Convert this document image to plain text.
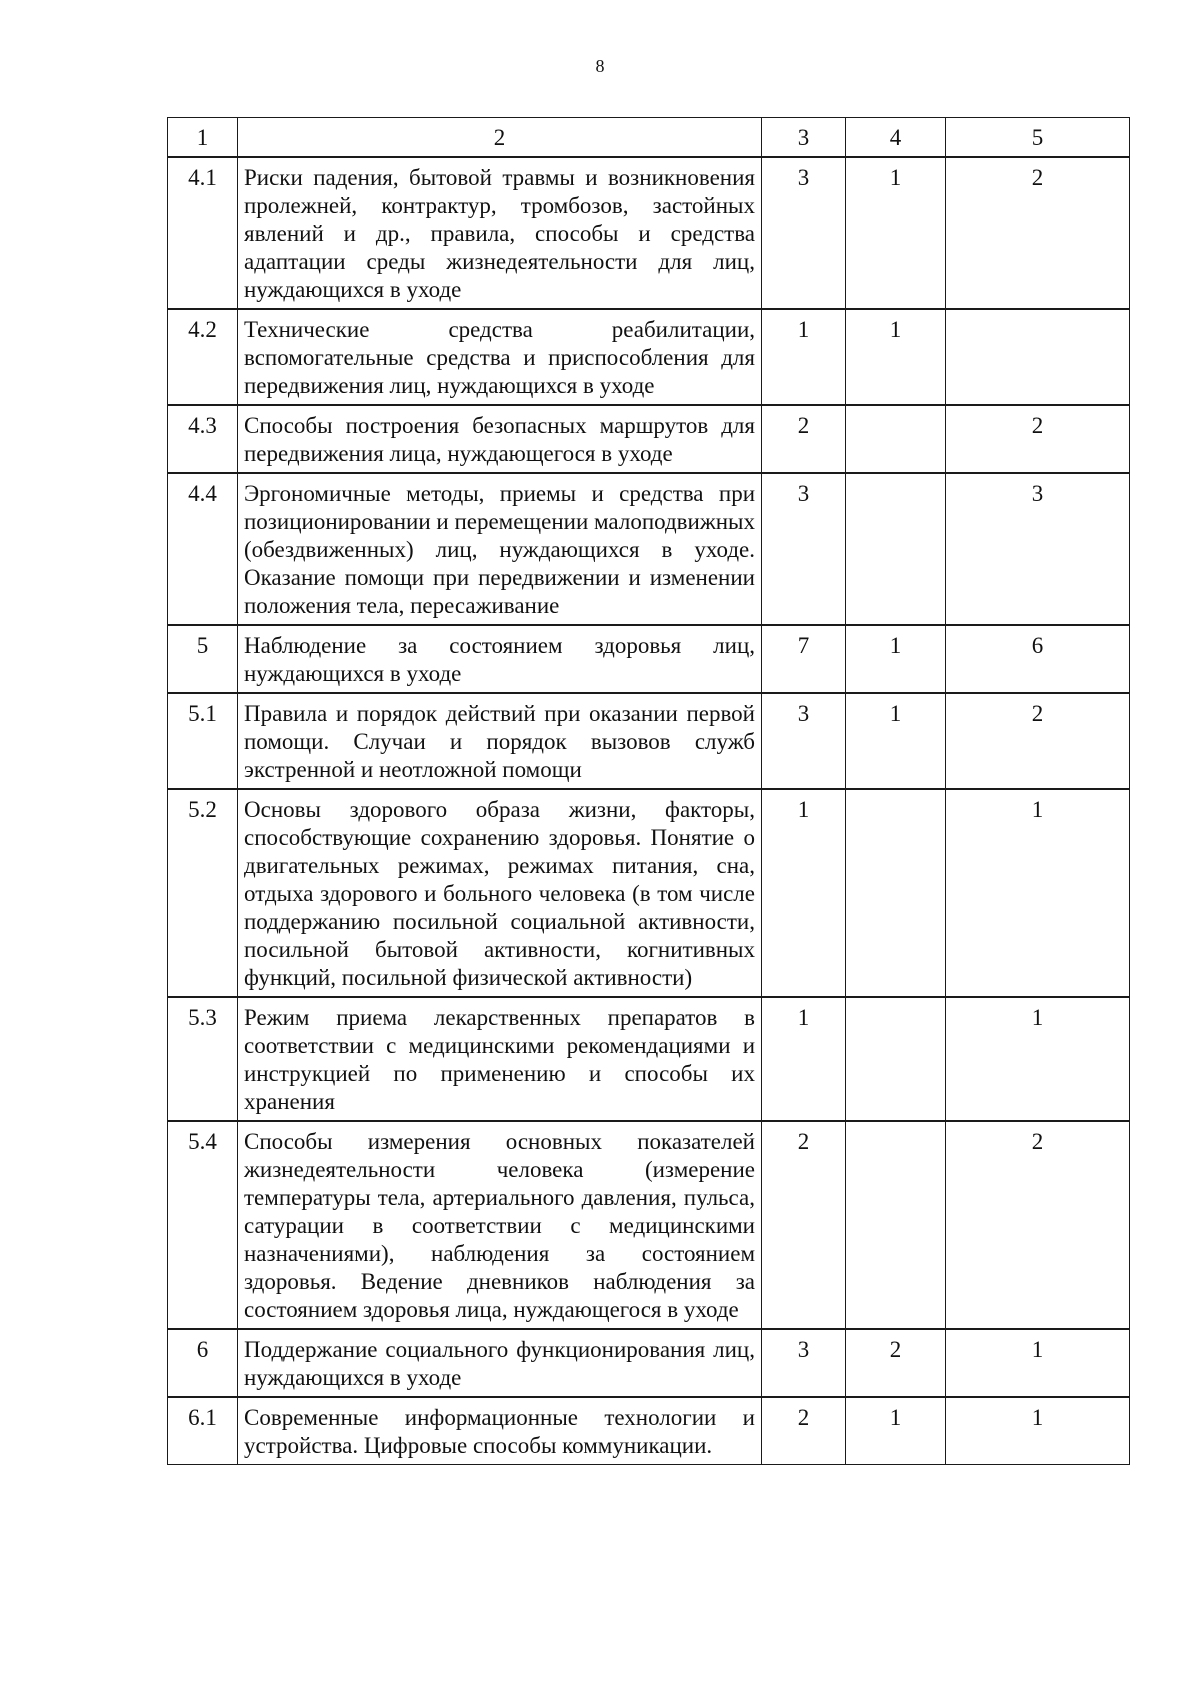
8
1	2	3	4	5
4.1	Риски падения, бытовой травмы и возникновения пролежней, контрактур, тромбозов, застойных явлений и др., правила, способы и средства адаптации среды жизнедеятельности для лиц, нуждающихся в уходе	3	1	2
4.2	Технические средства реабилитации, вспомогательные средства и приспособления для передвижения лиц, нуждающихся в уходе	1	1	
4.3	Способы построения безопасных маршрутов для передвижения лица, нуждающегося в уходе	2		2
4.4	Эргономичные методы, приемы и средства при позиционировании и перемещении малоподвижных (обездвиженных) лиц, нуждающихся в уходе. Оказание помощи при передвижении и изменении положения тела, пересаживание	3		3
5	Наблюдение за состоянием здоровья лиц, нуждающихся в уходе	7	1	6
5.1	Правила и порядок действий при оказании первой помощи. Случаи и порядок вызовов служб экстренной и неотложной помощи	3	1	2
5.2	Основы здорового образа жизни, факторы, способствующие сохранению здоровья. Понятие о двигательных режимах, режимах питания, сна, отдыха здорового и больного человека (в том числе поддержанию посильной социальной активности, посильной бытовой активности, когнитивных функций, посильной физической активности)	1		1
5.3	Режим приема лекарственных препаратов в соответствии с медицинскими рекомендациями и инструкцией по применению и способы их хранения	1		1
5.4	Способы измерения основных показателей жизнедеятельности человека (измерение температуры тела, артериального давления, пульса, сатурации в соответствии с медицинскими назначениями), наблюдения за состоянием здоровья. Ведение дневников наблюдения за состоянием здоровья лица, нуждающегося в уходе	2		2
6	Поддержание социального функционирования лиц, нуждающихся в уходе	3	2	1
6.1	Современные информационные технологии и устройства. Цифровые способы коммуникации.	2	1	1
